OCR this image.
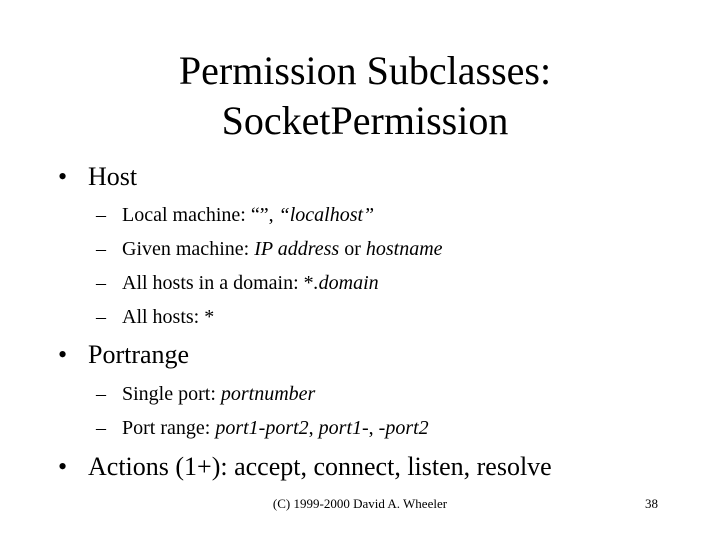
Permission Subclasses:
SocketPermission
• Host
– Local machine: “”, “localhost”
– Given machine: IP address or hostname
– All hosts in a domain: *.domain
– All hosts: *
• Portrange
– Single port: portnumber
– Port range: port1-port2, port1-, -port2
• Actions (1+): accept, connect, listen, resolve
(C) 1999-2000 David A. Wheeler	38
